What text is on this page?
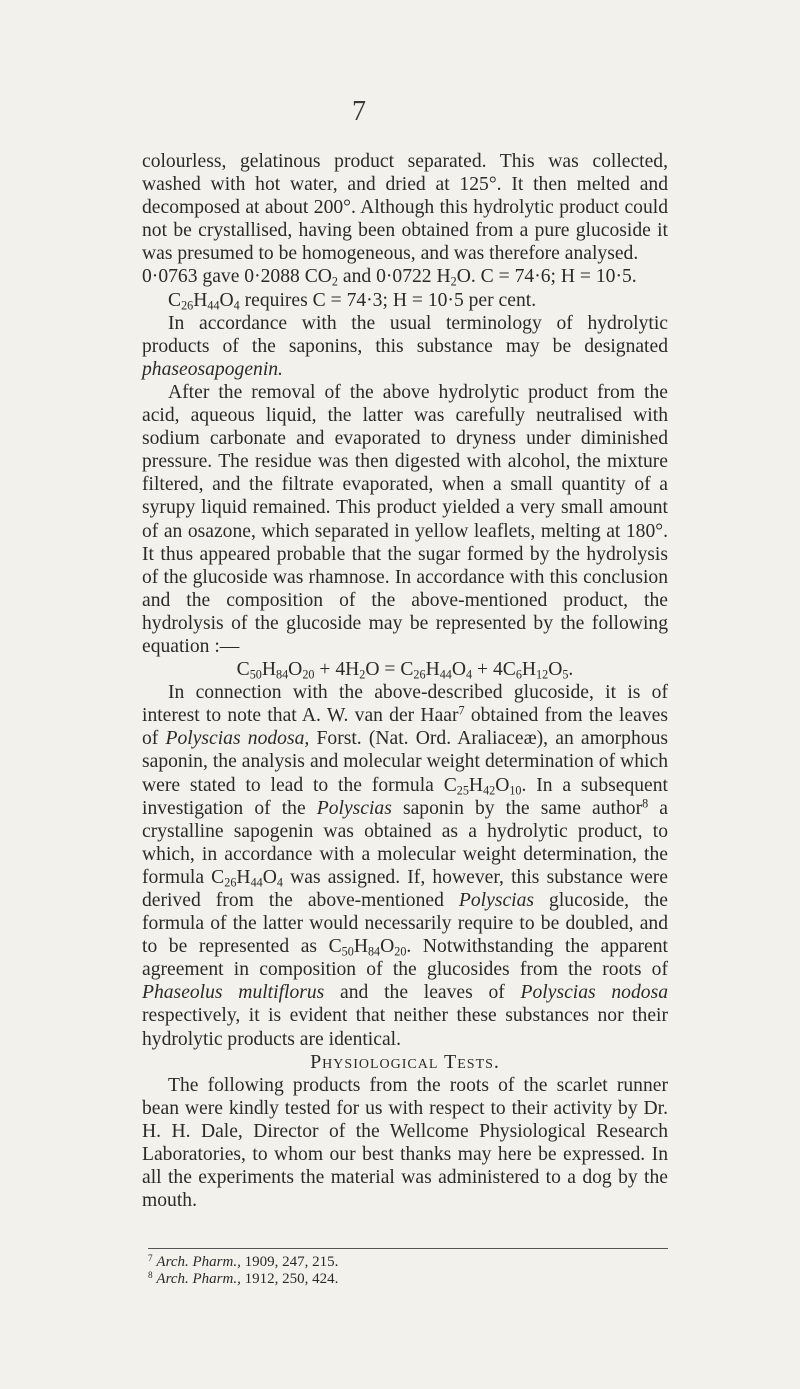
7

colourless, gelatinous product separated. This was collected, washed with hot water, and dried at 125°. It then melted and decomposed at about 200°. Although this hydrolytic product could not be crystallised, having been obtained from a pure glucoside it was presumed to be homogeneous, and was therefore analysed.

0·0763 gave 0·2088 $CO_2$ and 0·0722 $H_2O$. C = 74·6; H = 10·5.
$C_{26}H_{44}O_4$ requires C = 74·3; H = 10·5 per cent.

In accordance with the usual terminology of hydrolytic products of the saponins, this substance may be designated phaseosapogenin.

After the removal of the above hydrolytic product from the acid, aqueous liquid, the latter was carefully neutralised with sodium carbonate and evaporated to dryness under diminished pressure. The residue was then digested with alcohol, the mixture filtered, and the filtrate evaporated, when a small quantity of a syrupy liquid remained. This product yielded a very small amount of an osazone, which separated in yellow leaflets, melting at 180°. It thus appeared probable that the sugar formed by the hydrolysis of the glucoside was rhamnose. In accordance with this conclusion and the composition of the above-mentioned product, the hydrolysis of the glucoside may be represented by the following equation :—

$C_{50}H_{84}O_{20} + 4H_2O = C_{26}H_{44}O_4 + 4C_6H_{12}O_5$.

In connection with the above-described glucoside, it is of interest to note that A. W. van der Haar$^7$ obtained from the leaves of Polyscias nodosa, Forst. (Nat. Ord. Araliaceæ), an amorphous saponin, the analysis and molecular weight determination of which were stated to lead to the formula $C_{25}H_{42}O_{10}$. In a subsequent investigation of the Polyscias saponin by the same author$^8$ a crystalline sapogenin was obtained as a hydrolytic product, to which, in accordance with a molecular weight determination, the formula $C_{26}H_{44}O_4$ was assigned. If, however, this substance were derived from the above-mentioned Polyscias glucoside, the formula of the latter would necessarily require to be doubled, and to be represented as $C_{50}H_{84}O_{20}$. Notwithstanding the apparent agreement in composition of the glucosides from the roots of Phaseolus multiflorus and the leaves of Polyscias nodosa respectively, it is evident that neither these substances nor their hydrolytic products are identical.

Physiological Tests.

The following products from the roots of the scarlet runner bean were kindly tested for us with respect to their activity by Dr. H. H. Dale, Director of the Wellcome Physiological Research Laboratories, to whom our best thanks may here be expressed. In all the experiments the material was administered to a dog by the mouth.

$^7$ Arch. Pharm., 1909, 247, 215.

$^8$ Arch. Pharm., 1912, 250, 424.
